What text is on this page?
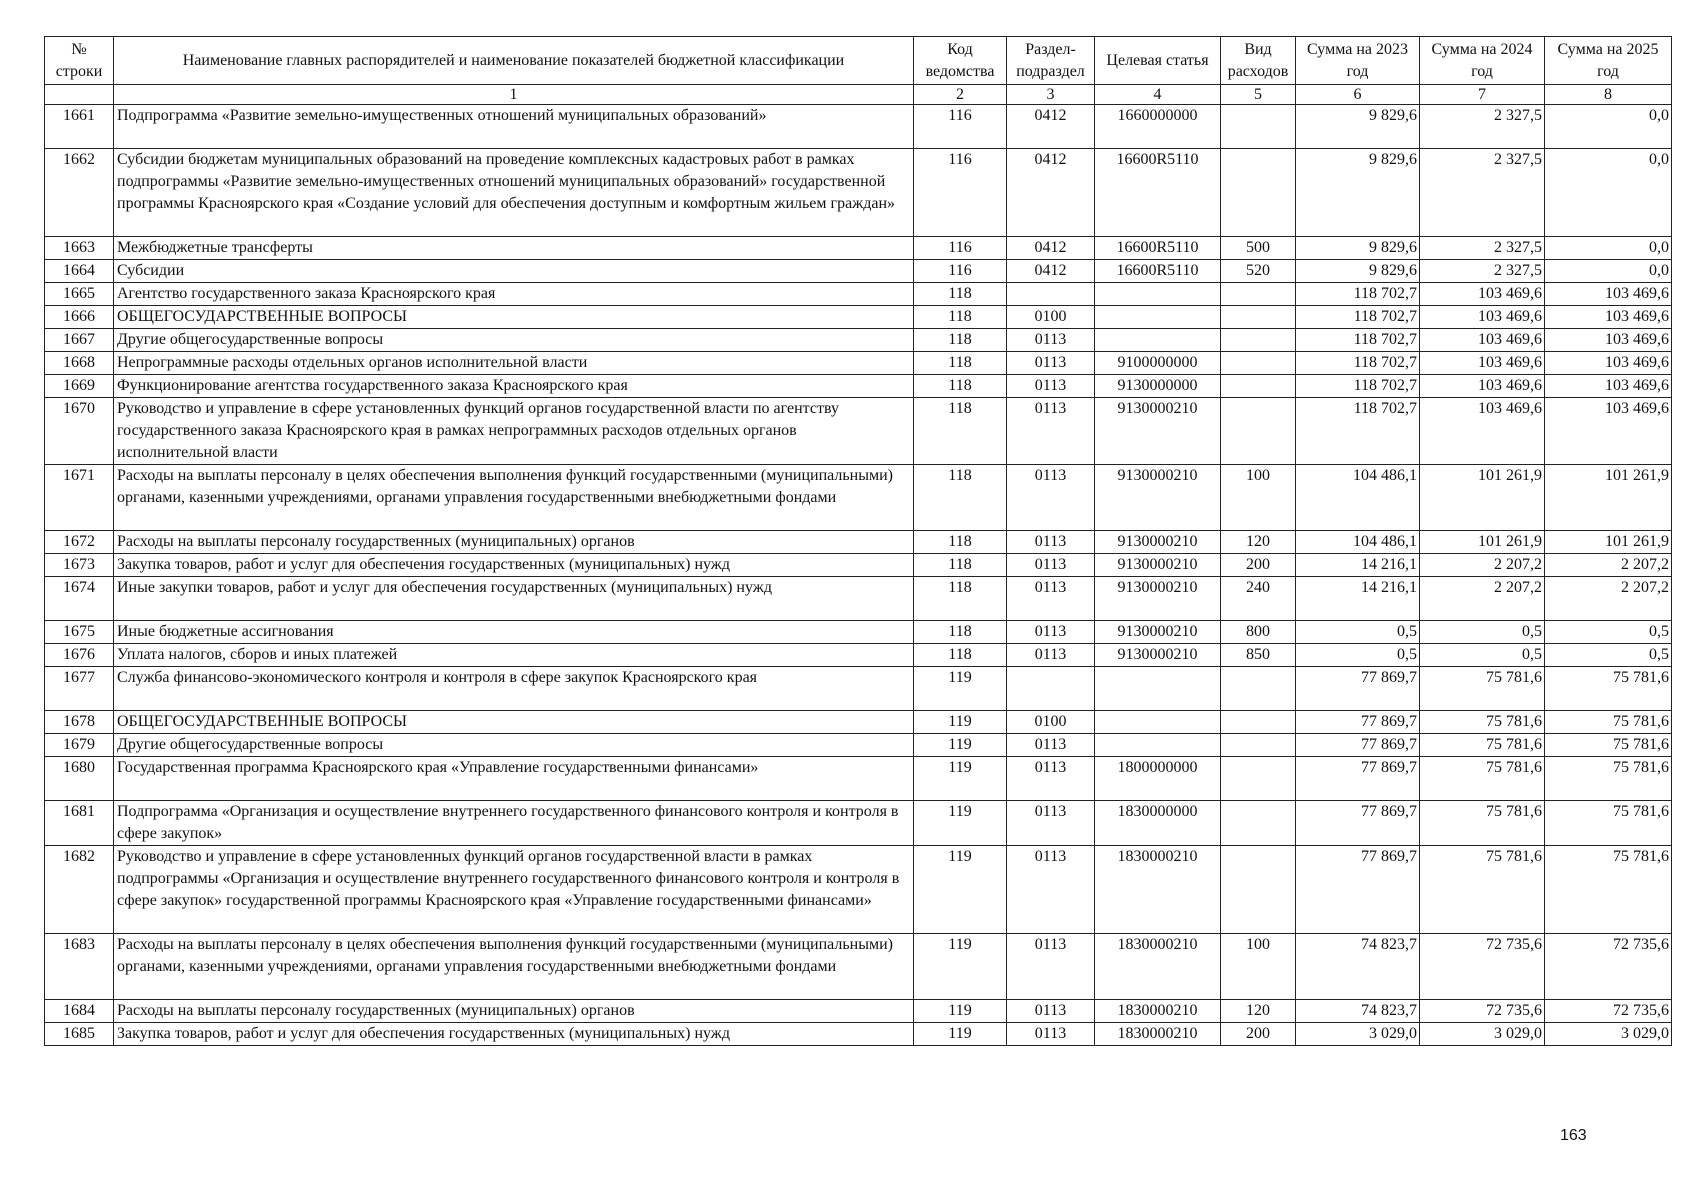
№ строки	Наименование главных распорядителей и наименование показателей бюджетной классификации	Код ведомства	Раздел-подраздел	Целевая статья	Вид расходов	Сумма на 2023 год	Сумма на 2024 год	Сумма на 2025 год
	1	2	3	4	5	6	7	8
1661	Подпрограмма «Развитие земельно-имущественных отношений муниципальных образований»	116	0412	1660000000		9 829,6	2 327,5	0,0
1662	Субсидии бюджетам муниципальных образований на проведение комплексных кадастровых работ в рамках подпрограммы «Развитие земельно-имущественных отношений муниципальных образований» государственной программы Красноярского края «Создание условий для обеспечения доступным и комфортным жильем граждан»	116	0412	16600R5110		9 829,6	2 327,5	0,0
1663	Межбюджетные трансферты	116	0412	16600R5110	500	9 829,6	2 327,5	0,0
1664	Субсидии	116	0412	16600R5110	520	9 829,6	2 327,5	0,0
1665	Агентство государственного заказа Красноярского края	118				118 702,7	103 469,6	103 469,6
1666	ОБЩЕГОСУДАРСТВЕННЫЕ ВОПРОСЫ	118	0100			118 702,7	103 469,6	103 469,6
1667	Другие общегосударственные вопросы	118	0113			118 702,7	103 469,6	103 469,6
1668	Непрограммные расходы отдельных органов исполнительной власти	118	0113	9100000000		118 702,7	103 469,6	103 469,6
1669	Функционирование агентства государственного заказа Красноярского края	118	0113	9130000000		118 702,7	103 469,6	103 469,6
1670	Руководство и управление в сфере установленных функций органов государственной власти по агентству государственного заказа Красноярского края в рамках непрограммных расходов отдельных органов исполнительной власти	118	0113	9130000210		118 702,7	103 469,6	103 469,6
1671	Расходы на выплаты персоналу в целях обеспечения выполнения функций государственными (муниципальными) органами, казенными учреждениями, органами управления государственными внебюджетными фондами	118	0113	9130000210	100	104 486,1	101 261,9	101 261,9
1672	Расходы на выплаты персоналу государственных (муниципальных) органов	118	0113	9130000210	120	104 486,1	101 261,9	101 261,9
1673	Закупка товаров, работ и услуг для обеспечения государственных (муниципальных) нужд	118	0113	9130000210	200	14 216,1	2 207,2	2 207,2
1674	Иные закупки товаров, работ и услуг для обеспечения государственных (муниципальных) нужд	118	0113	9130000210	240	14 216,1	2 207,2	2 207,2
1675	Иные бюджетные ассигнования	118	0113	9130000210	800	0,5	0,5	0,5
1676	Уплата налогов, сборов и иных платежей	118	0113	9130000210	850	0,5	0,5	0,5
1677	Служба финансово-экономического контроля и контроля в сфере закупок Красноярского края	119				77 869,7	75 781,6	75 781,6
1678	ОБЩЕГОСУДАРСТВЕННЫЕ ВОПРОСЫ	119	0100			77 869,7	75 781,6	75 781,6
1679	Другие общегосударственные вопросы	119	0113			77 869,7	75 781,6	75 781,6
1680	Государственная программа Красноярского края «Управление государственными финансами»	119	0113	1800000000		77 869,7	75 781,6	75 781,6
1681	Подпрограмма «Организация и осуществление внутреннего государственного финансового контроля и контроля в сфере закупок»	119	0113	1830000000		77 869,7	75 781,6	75 781,6
1682	Руководство и управление в сфере установленных функций органов государственной власти в рамках подпрограммы «Организация и осуществление внутреннего государственного финансового контроля и контроля в сфере закупок» государственной программы Красноярского края «Управление государственными финансами»	119	0113	1830000210		77 869,7	75 781,6	75 781,6
1683	Расходы на выплаты персоналу в целях обеспечения выполнения функций государственными (муниципальными) органами, казенными учреждениями, органами управления государственными внебюджетными фондами	119	0113	1830000210	100	74 823,7	72 735,6	72 735,6
1684	Расходы на выплаты персоналу государственных (муниципальных) органов	119	0113	1830000210	120	74 823,7	72 735,6	72 735,6
1685	Закупка товаров, работ и услуг для обеспечения государственных (муниципальных) нужд	119	0113	1830000210	200	3 029,0	3 029,0	3 029,0
163
